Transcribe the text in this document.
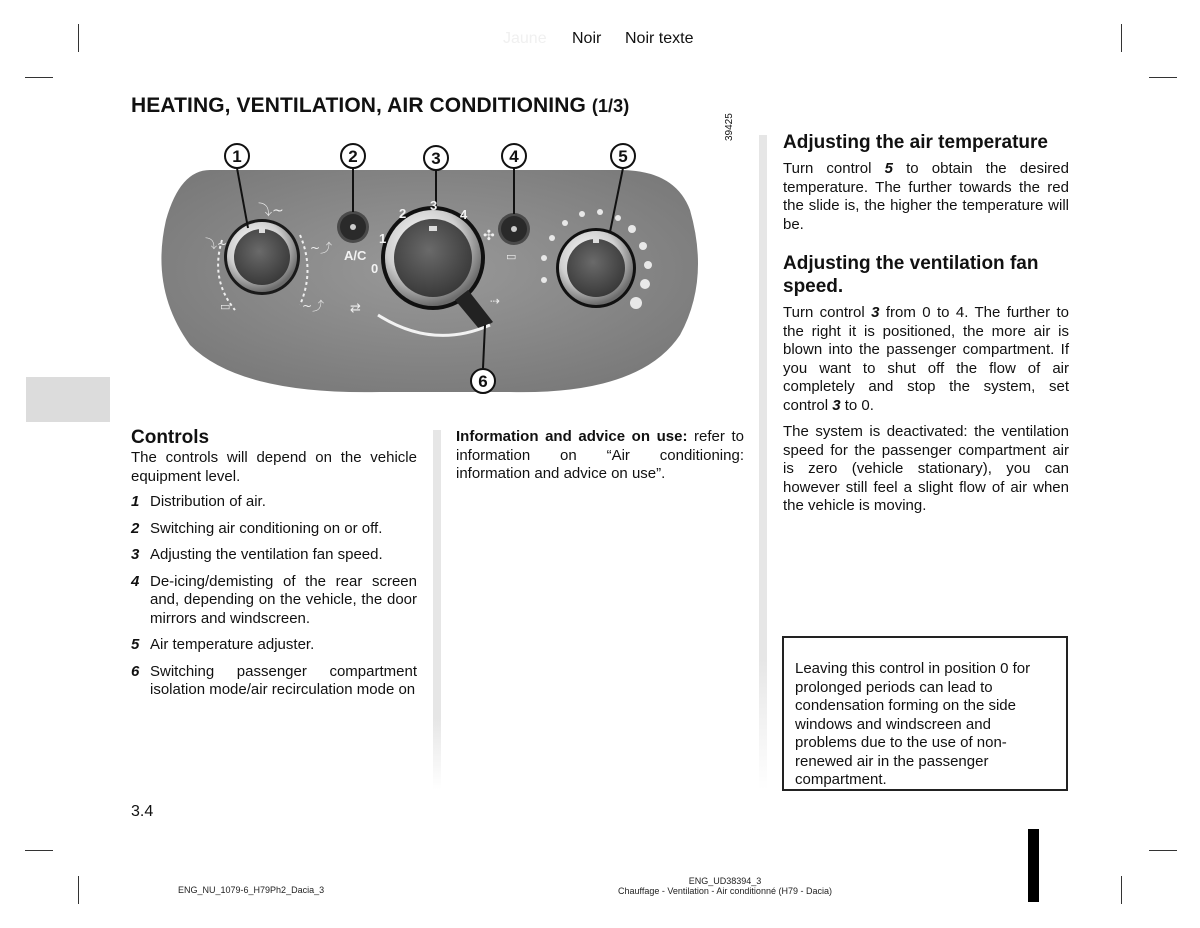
Jaune Noir Noir texte
HEATING, VENTILATION, AIR CONDITIONING (1/3)
39425
⤵~
⤵~	~⤴
▭	~⤴ ⇄
✣
⇢
▭
1	2	3	4	5
6
A/C
0
1
2
3
4
Controls
The controls will depend on the vehicle equipment level.
1 Distribution of air.
2 Switching air conditioning on or off.
3 Adjusting the ventilation fan speed.
4 De-icing/demisting of the rear screen and, depending on the vehicle, the door mirrors and windscreen.
5 Air temperature adjuster.
6 Switching passenger compartment isolation mode/air recirculation mode on
Information and advice on use: refer to information on “Air conditioning: information and advice on use”.
Adjusting the air temperature
Turn control 5 to obtain the desired temperature. The further towards the red the slide is, the higher the temperature will be.
Adjusting the ventilation fan speed.
Turn control 3 from 0 to 4. The further to the right it is positioned, the more air is blown into the passenger compartment. If you want to shut off the flow of air completely and stop the system, set control 3 to 0.
The system is deactivated: the ventilation speed for the passenger compartment air is zero (vehicle stationary), you can however still feel a slight flow of air when the vehicle is moving.
Leaving this control in position 0 for prolonged periods can lead to condensation forming on the side windows and windscreen and problems due to the use of non-renewed air in the passenger compartment.
3.4
ENG_NU_1079-6_H79Ph2_Dacia_3
ENG_UD38394_3
Chauffage - Ventilation - Air conditionné (H79 - Dacia)
